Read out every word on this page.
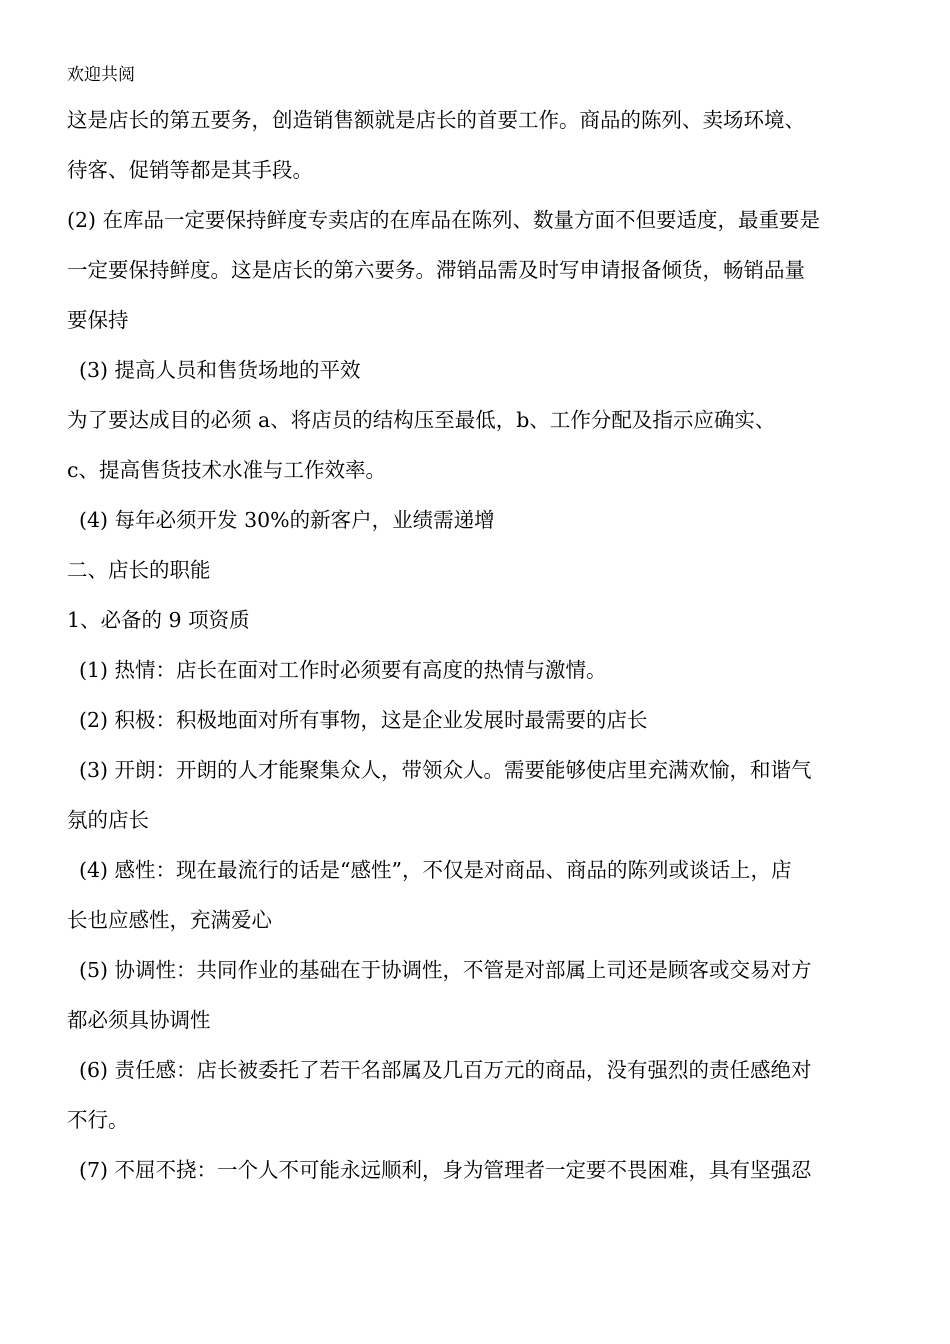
欢迎共阅
这是店长的第五要务，创造销售额就是店长的首要工作。商品的陈列、卖场环境、
待客、促销等都是其手段。
(2) 在库品一定要保持鲜度专卖店的在库品在陈列、数量方面不但要适度，最重要是
一定要保持鲜度。这是店长的第六要务。滞销品需及时写申请报备倾货，畅销品量
要保持
(3) 提高人员和售货场地的平效
为了要达成目的必须 a、将店员的结构压至最低，b、工作分配及指示应确实、
c、提高售货技术水准与工作效率。
(4) 每年必须开发 30%的新客户，业绩需递增
二、店长的职能
1、必备的 9 项资质
(1) 热情：店长在面对工作时必须要有高度的热情与激情。
(2) 积极：积极地面对所有事物，这是企业发展时最需要的店长
(3) 开朗：开朗的人才能聚集众人，带领众人。需要能够使店里充满欢愉，和谐气
氛的店长
(4) 感性：现在最流行的话是“感性”，不仅是对商品、商品的陈列或谈话上，店
长也应感性，充满爱心
(5) 协调性：共同作业的基础在于协调性，不管是对部属上司还是顾客或交易对方
都必须具协调性
(6) 责任感：店长被委托了若干名部属及几百万元的商品，没有强烈的责任感绝对
不行。
(7) 不屈不挠：一个人不可能永远顺利，身为管理者一定要不畏困难，具有坚强忍
